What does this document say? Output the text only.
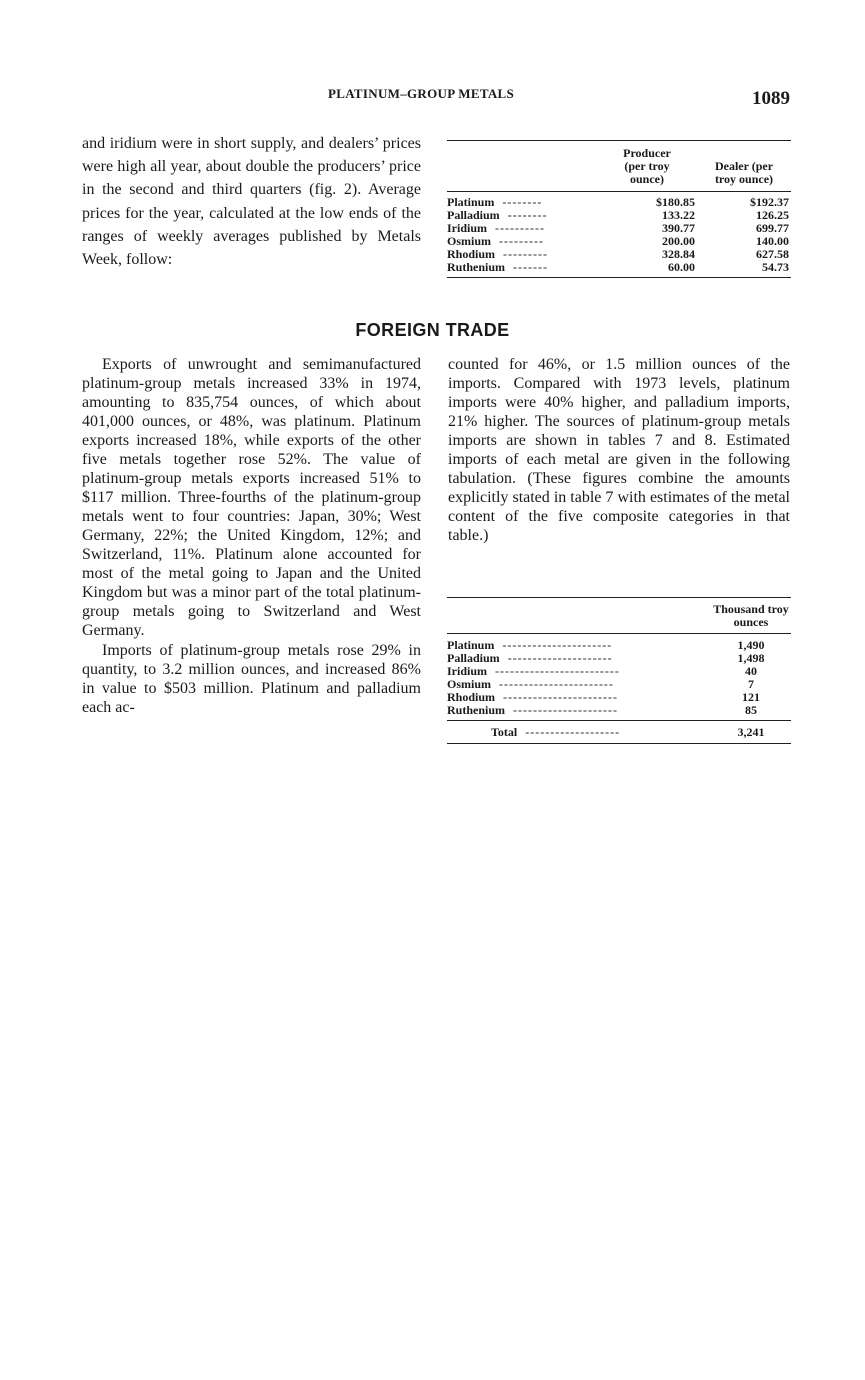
PLATINUM–GROUP METALS	1089

and iridium were in short supply, and dealers’ prices were high all year, about double the producers’ price in the second and third quarters (fig. 2). Average prices for the year, calculated at the low ends of the ranges of weekly averages published by Metals Week, follow:

	Producer (per troy ounce)	Dealer (per troy ounce)
Platinum --------	$180.85	$192.37
Palladium --------	133.22	126.25
Iridium ----------	390.77	699.77
Osmium ---------	200.00	140.00
Rhodium ---------	328.84	627.58
Ruthenium -------	60.00	54.73
FOREIGN TRADE

Exports of unwrought and semimanufactured platinum-group metals increased 33% in 1974, amounting to 835,754 ounces, of which about 401,000 ounces, or 48%, was platinum. Platinum exports increased 18%, while exports of the other five metals together rose 52%. The value of platinum-group metals exports increased 51% to $117 million. Three-fourths of the platinum-group metals went to four countries: Japan, 30%; West Germany, 22%; the United Kingdom, 12%; and Switzerland, 11%. Platinum alone accounted for most of the metal going to Japan and the United Kingdom but was a minor part of the total platinum-group metals going to Switzerland and West Germany.

Imports of platinum-group metals rose 29% in quantity, to 3.2 million ounces, and increased 86% in value to $503 million. Platinum and palladium each ac-

counted for 46%, or 1.5 million ounces of the imports. Compared with 1973 levels, platinum imports were 40% higher, and palladium imports, 21% higher. The sources of platinum-group metals imports are shown in tables 7 and 8. Estimated imports of each metal are given in the following tabulation. (These figures combine the amounts explicitly stated in table 7 with estimates of the metal content of the five composite categories in that table.)

	Thousand troy ounces
Platinum ----------------------	1,490
Palladium ---------------------	1,498
Iridium -------------------------	40
Osmium -----------------------	7
Rhodium -----------------------	121
Ruthenium ---------------------	85
Total -------------------	3,241
